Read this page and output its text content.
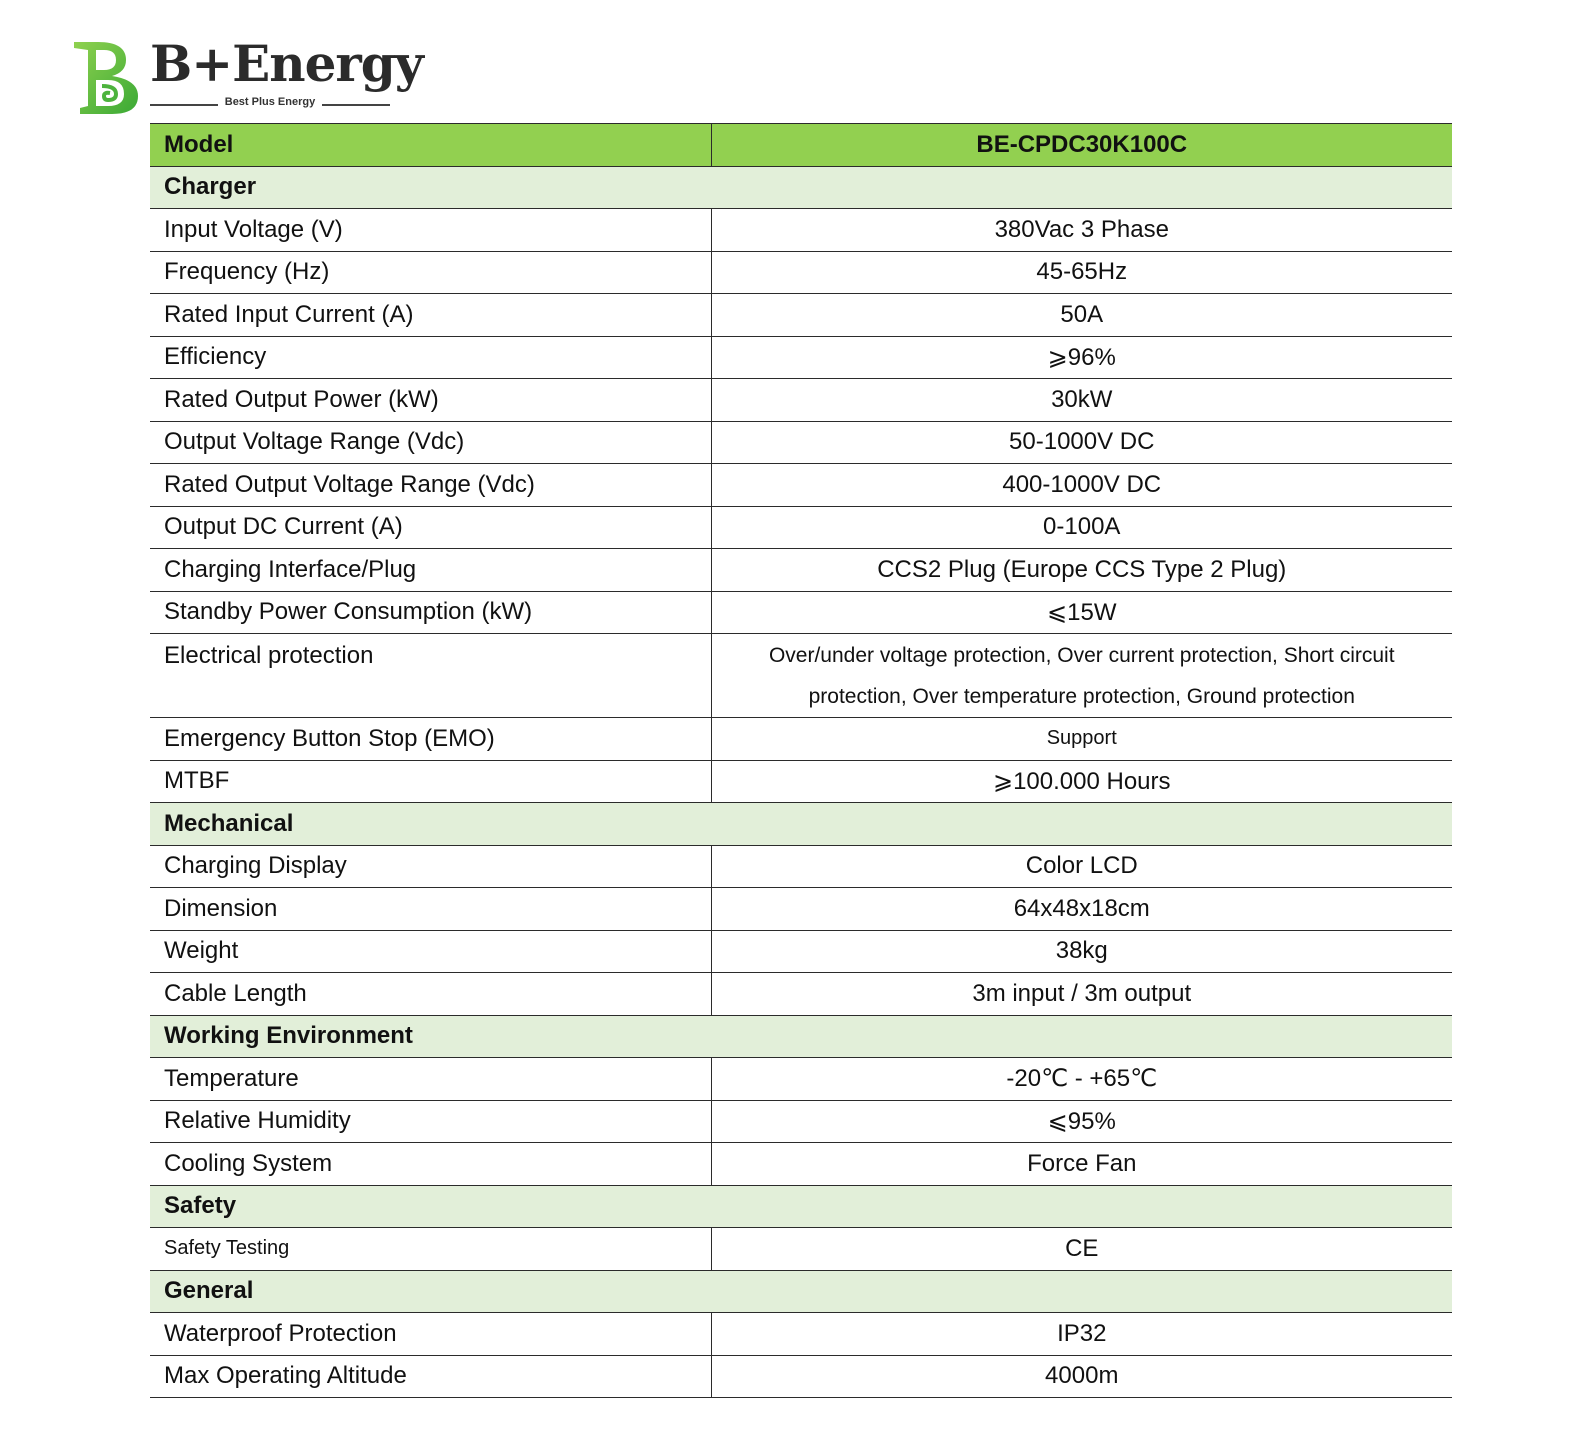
B+Energy
Best Plus Energy
Model	BE-CPDC30K100C
Charger	
Input Voltage (V)	380Vac 3 Phase
Frequency (Hz)	45-65Hz
Rated Input Current (A)	50A
Efficiency	⩾96%
Rated Output Power (kW)	30kW
Output Voltage Range (Vdc)	50-1000V DC
Rated Output Voltage Range (Vdc)	400-1000V DC
Output DC Current (A)	0-100A
Charging Interface/Plug	CCS2 Plug (Europe CCS Type 2 Plug)
Standby Power Consumption (kW)	⩽15W
Electrical protection	Over/under voltage protection, Over current protection, Short circuit protection, Over temperature protection, Ground protection
Emergency Button Stop (EMO)	Support
MTBF	⩾100.000 Hours
Mechanical	
Charging Display	Color LCD
Dimension	64x48x18cm
Weight	38kg
Cable Length	3m input / 3m output
Working Environment	
Temperature	-20℃ - +65℃
Relative Humidity	⩽95%
Cooling System	Force Fan
Safety	
Safety Testing	CE
General	
Waterproof Protection	IP32
Max Operating Altitude	4000m
